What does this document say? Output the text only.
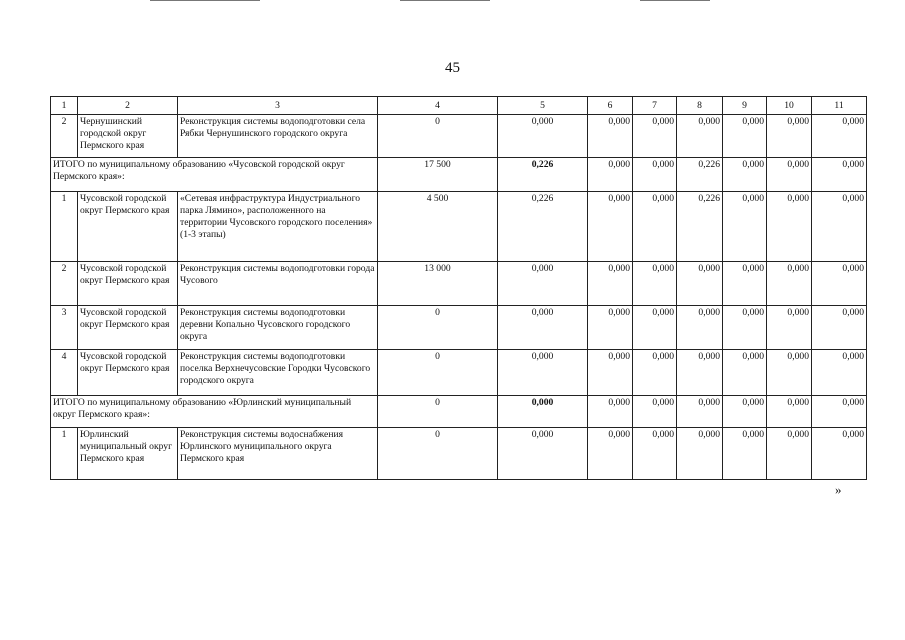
45
1	2	3	4	5	6	7	8	9	10	11
2	Чернушинский городской округ Пермского края	Реконструкция системы водоподготовки села Рябки Чернушинского городского округа	0	0,000	0,000	0,000	0,000	0,000	0,000	0,000
ИТОГО по муниципальному образованию «Чусовской городской округ Пермского края»:			17 500	0,226	0,000	0,000	0,226	0,000	0,000	0,000
1	Чусовской городской округ Пермского края	«Сетевая инфраструктура Индустриального парка Лямино», расположенного на территории Чусовского городского поселения» (1-3 этапы)	4 500	0,226	0,000	0,000	0,226	0,000	0,000	0,000
2	Чусовской городской округ Пермского края	Реконструкция системы водоподготовки города Чусового	13 000	0,000	0,000	0,000	0,000	0,000	0,000	0,000
3	Чусовской городской округ Пермского края	Реконструкция системы водоподготовки деревни Копально Чусовского городского округа	0	0,000	0,000	0,000	0,000	0,000	0,000	0,000
4	Чусовской городской округ Пермского края	Реконструкция системы водоподготовки поселка Верхнечусовские Городки Чусовского городского округа	0	0,000	0,000	0,000	0,000	0,000	0,000	0,000
ИТОГО по муниципальному образованию «Юрлинский муниципальный округ Пермского края»:			0	0,000	0,000	0,000	0,000	0,000	0,000	0,000
1	Юрлинский муниципальный округ Пермского края	Реконструкция системы водоснабжения Юрлинского муниципального округа Пермского края	0	0,000	0,000	0,000	0,000	0,000	0,000	0,000
»
